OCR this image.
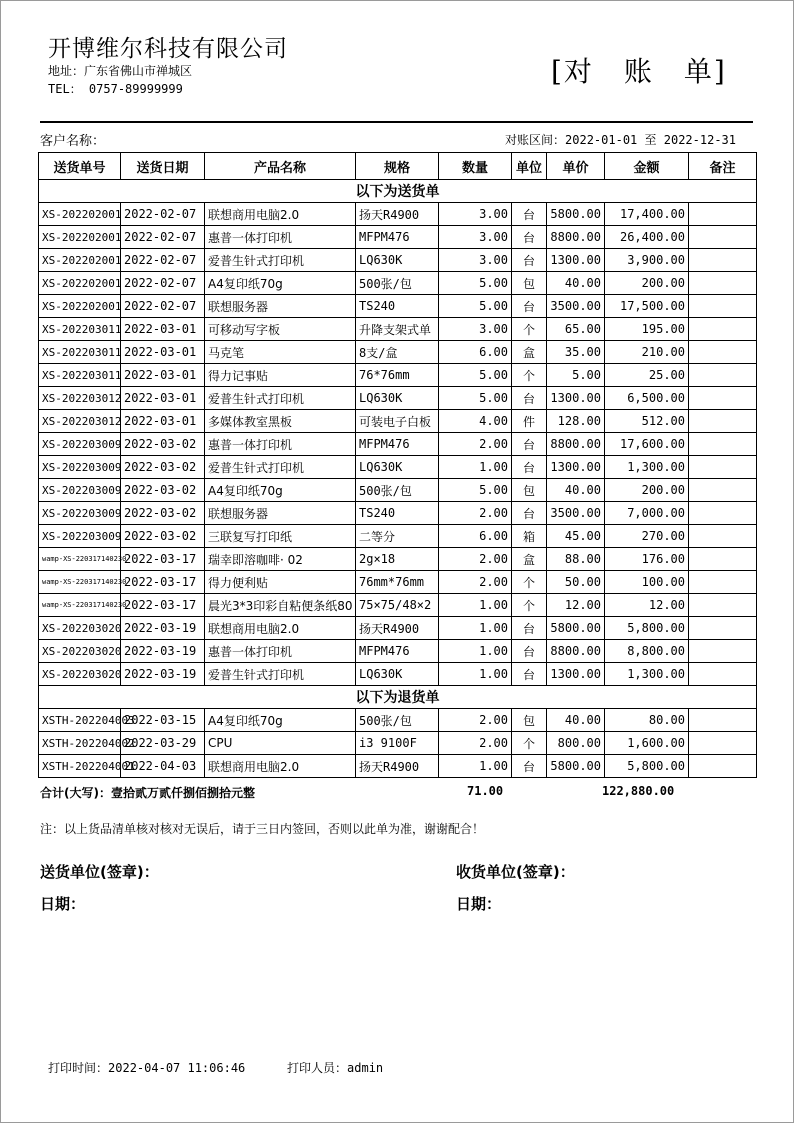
开博维尔科技有限公司
地址：广东省佛山市禅城区
TEL： 0757-89999999
[对　账　单]
客户名称：	对账区间：2022-01-01 至 2022-12-31
送货单号	送货日期	产品名称	规格	数量	单位	单价	金额	备注
以下为送货单								
XS-202202001	2022-02-07	联想商用电脑2.0	扬天R4900	3.00	台	5800.00	17,400.00	
XS-202202001	2022-02-07	惠普一体打印机	MFPM476	3.00	台	8800.00	26,400.00	
XS-202202001	2022-02-07	爱普生针式打印机	LQ630K	3.00	台	1300.00	3,900.00	
XS-202202001	2022-02-07	A4复印纸70g	500张/包	5.00	包	40.00	200.00	
XS-202202001	2022-02-07	联想服务器	TS240	5.00	台	3500.00	17,500.00	
XS-202203011	2022-03-01	可移动写字板	升降支架式单	3.00	个	65.00	195.00	
XS-202203011	2022-03-01	马克笔	8支/盒	6.00	盒	35.00	210.00	
XS-202203011	2022-03-01	得力记事贴	76*76mm	5.00	个	5.00	25.00	
XS-202203012	2022-03-01	爱普生针式打印机	LQ630K	5.00	台	1300.00	6,500.00	
XS-202203012	2022-03-01	多媒体教室黑板	可装电子白板	4.00	件	128.00	512.00	
XS-202203009	2022-03-02	惠普一体打印机	MFPM476	2.00	台	8800.00	17,600.00	
XS-202203009	2022-03-02	爱普生针式打印机	LQ630K	1.00	台	1300.00	1,300.00	
XS-202203009	2022-03-02	A4复印纸70g	500张/包	5.00	包	40.00	200.00	
XS-202203009	2022-03-02	联想服务器	TS240	2.00	台	3500.00	7,000.00	
XS-202203009	2022-03-02	三联复写打印纸	二等分	6.00	箱	45.00	270.00	
wamp-XS-220317140230	2022-03-17	瑞幸即溶咖啡· 02	2g×18	2.00	盒	88.00	176.00	
wamp-XS-220317140230	2022-03-17	得力便利贴	76mm*76mm	2.00	个	50.00	100.00	
wamp-XS-220317140230	2022-03-17	晨光3*3印彩自粘便条纸80	75×75/48×2	1.00	个	12.00	12.00	
XS-202203020	2022-03-19	联想商用电脑2.0	扬天R4900	1.00	台	5800.00	5,800.00	
XS-202203020	2022-03-19	惠普一体打印机	MFPM476	1.00	台	8800.00	8,800.00	
XS-202203020	2022-03-19	爱普生针式打印机	LQ630K	1.00	台	1300.00	1,300.00	
以下为退货单								
XSTH-202204003	2022-03-15	A4复印纸70g	500张/包	2.00	包	40.00	80.00	
XSTH-202204002	2022-03-29	CPU	i3 9100F	2.00	个	800.00	1,600.00	
XSTH-202204001	2022-04-03	联想商用电脑2.0	扬天R4900	1.00	台	5800.00	5,800.00	
合计(大写)：壹拾贰万贰仟捌佰捌拾元整	71.00	122,880.00
注：以上货品清单核对核对无误后，请于三日内签回，否则以此单为准，谢谢配合！
送货单位(签章)：	收货单位(签章)：
日期：	日期：
打印时间：2022-04-07 11:06:46	打印人员：admin
